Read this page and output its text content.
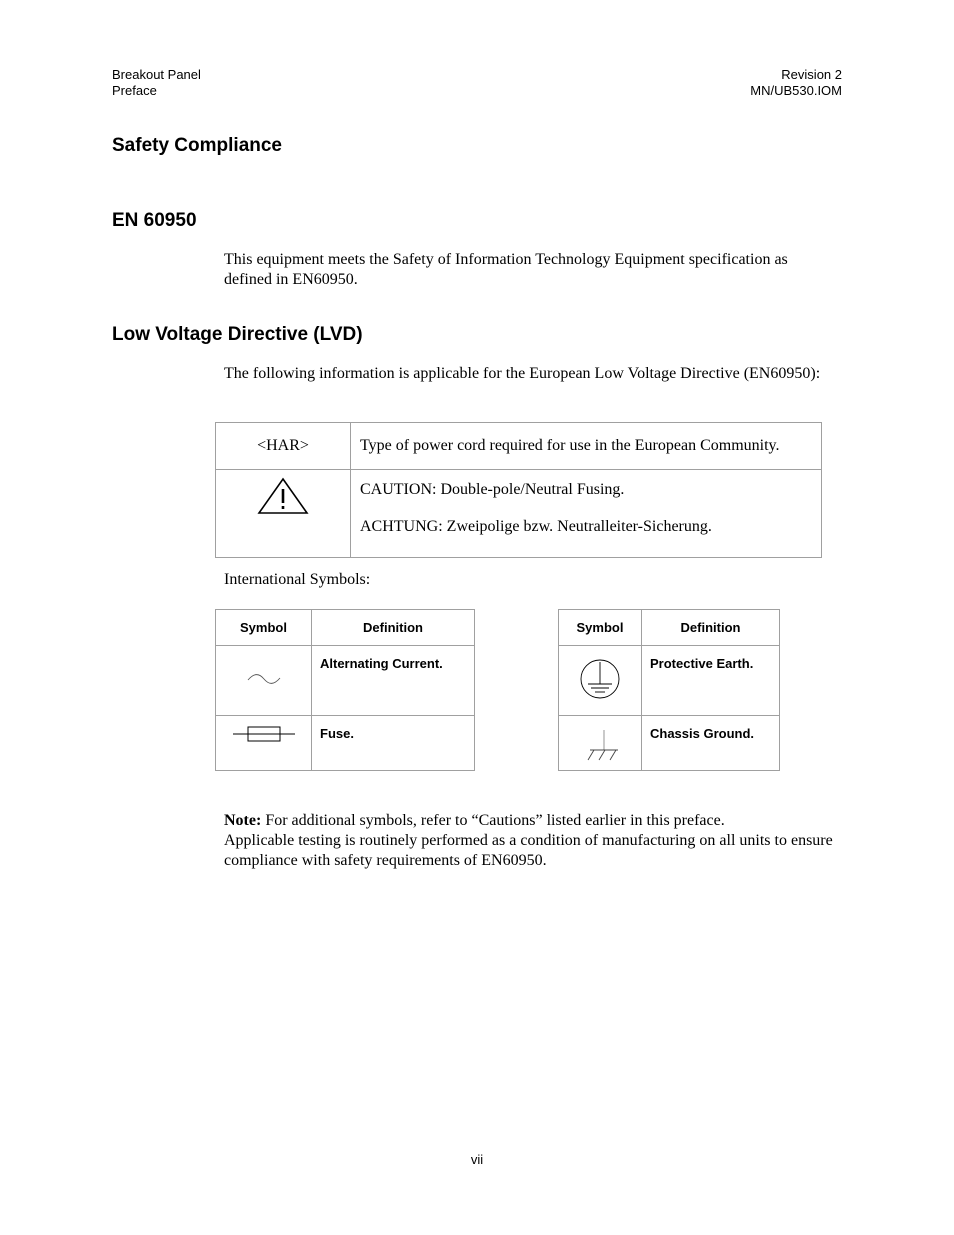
Breakout Panel
Preface
Revision 2
MN/UB530.IOM
Safety Compliance
EN 60950

This equipment meets the Safety of Information Technology Equipment specification as defined in EN60950.

Low Voltage Directive (LVD)

The following information is applicable for the European Low Voltage Directive (EN60950):

<HAR>	Type of power cord required for use in the European Community.

CAUTION: Double-pole/Neutral Fusing.

ACHTUNG: Zweipolige bzw. Neutralleiter-Sicherung.

International Symbols:

Symbol	Definition
	Alternating Current.
	Fuse.
Symbol	Definition
	Protective Earth.
	Chassis Ground.

Note: For additional symbols, refer to “Cautions” listed earlier in this preface.
Applicable testing is routinely performed as a condition of manufacturing on all units to ensure compliance with safety requirements of EN60950.

vii
